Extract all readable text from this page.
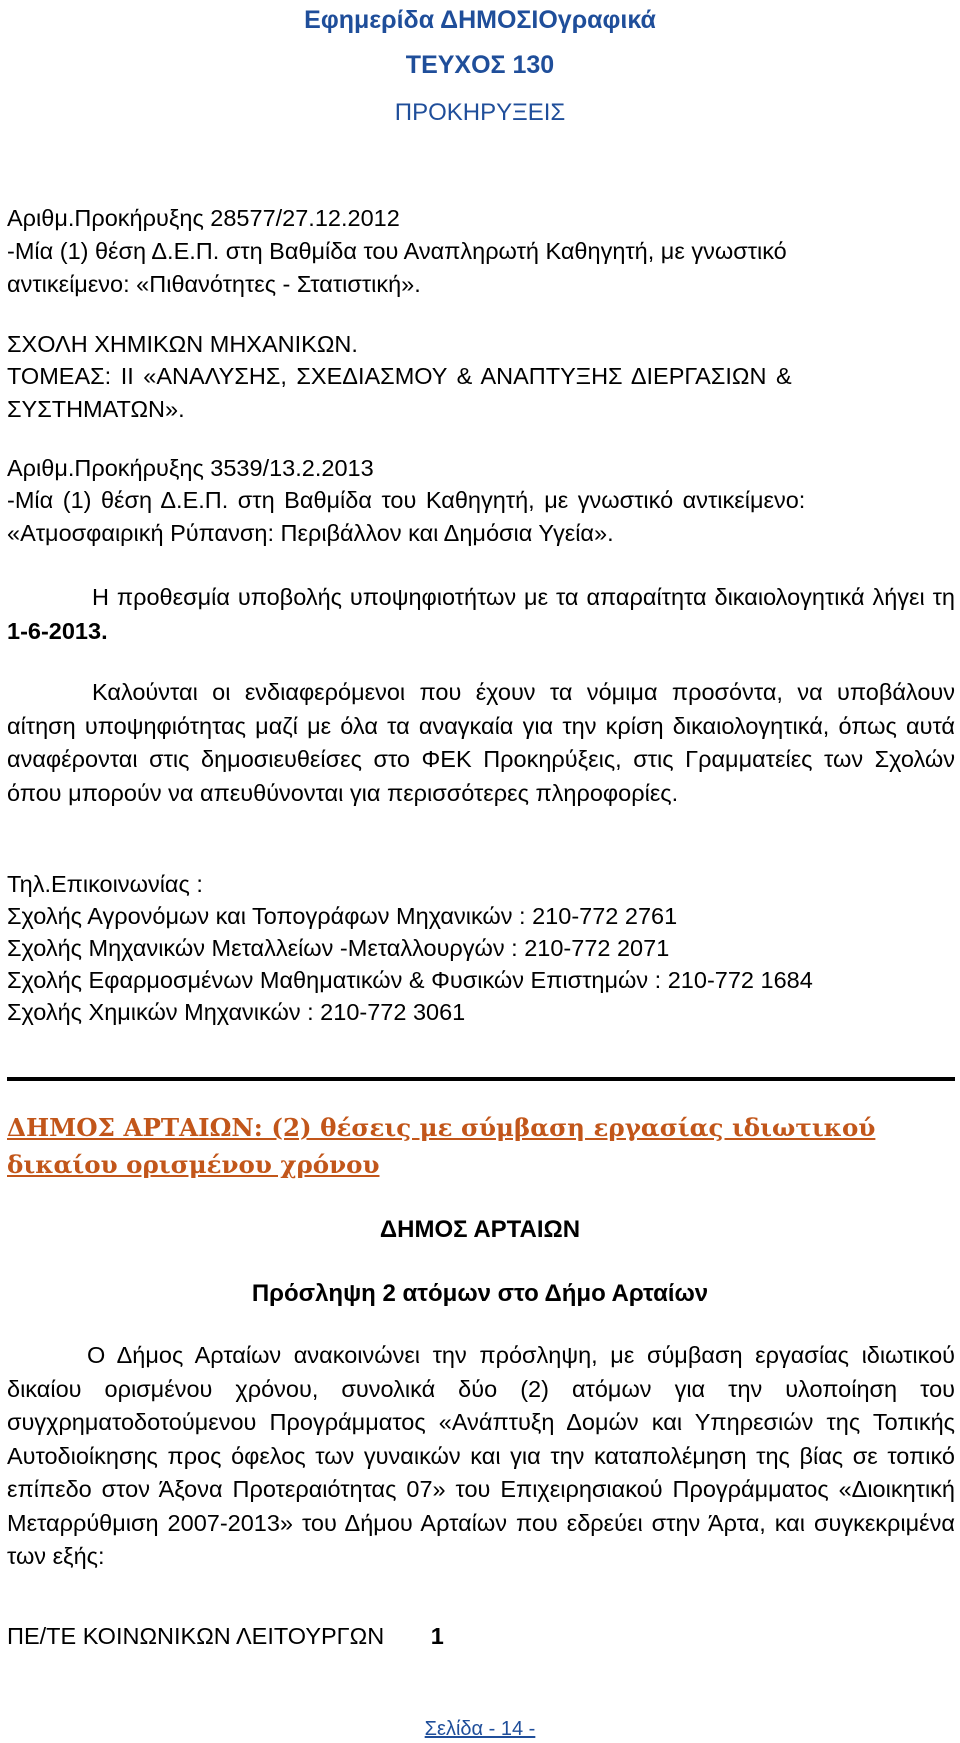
Εφημερίδα ΔΗΜΟΣΙΟγραφικά
ΤΕΥΧΟΣ 130
ΠΡΟΚΗΡΥΞΕΙΣ
Αριθμ.Προκήρυξης 28577/27.12.2012
-Μία (1) θέση Δ.Ε.Π. στη Βαθμίδα του Αναπληρωτή Καθηγητή, με γνωστικό
αντικείμενο: «Πιθανότητες - Στατιστική».
ΣΧΟΛΗ ΧΗΜΙΚΩΝ ΜΗΧΑΝΙΚΩΝ.
ΤΟΜΕΑΣ: ΙΙ «ΑΝΑΛΥΣΗΣ, ΣΧΕΔΙΑΣΜΟΥ & ΑΝΑΠΤΥΞΗΣ ΔΙΕΡΓΑΣΙΩΝ &
ΣΥΣΤΗΜΑΤΩΝ».
Αριθμ.Προκήρυξης 3539/13.2.2013
-Μία (1) θέση Δ.Ε.Π. στη Βαθμίδα του Καθηγητή, με γνωστικό αντικείμενο:
«Ατμοσφαιρική Ρύπανση: Περιβάλλον και Δημόσια Υγεία».
Η προθεσμία υποβολής υποψηφιοτήτων με τα απαραίτητα δικαιολογητικά λήγει τη 1-6-2013.
Καλούνται οι ενδιαφερόμενοι που έχουν τα νόμιμα προσόντα, να υποβάλουν αίτηση υποψηφιότητας μαζί με όλα τα αναγκαία για την κρίση δικαιολογητικά, όπως αυτά αναφέρονται στις δημοσιευθείσες στο ΦΕΚ Προκηρύξεις, στις Γραμματείες των Σχολών όπου μπορούν να απευθύνονται για περισσότερες πληροφορίες.
Τηλ.Επικοινωνίας :
Σχολής Αγρονόμων και Τοπογράφων Μηχανικών : 210-772 2761
Σχολής Μηχανικών Μεταλλείων -Μεταλλουργών : 210-772 2071
Σχολής Εφαρμοσμένων Μαθηματικών & Φυσικών Επιστημών : 210-772 1684
Σχολής Χημικών Μηχανικών : 210-772 3061
ΔΗΜΟΣ ΑΡΤΑΙΩΝ: (2) θέσεις με σύμβαση εργασίας ιδιωτικού
δικαίου ορισμένου χρόνου
ΔΗΜΟΣ ΑΡΤΑΙΩΝ
Πρόσληψη 2 ατόμων στο Δήμο Αρταίων
Ο Δήμος Αρταίων ανακοινώνει την πρόσληψη, με σύμβαση εργασίας ιδιωτικού δικαίου ορισμένου χρόνου, συνολικά δύο (2) ατόμων για την υλοποίηση του συγχρηματοδοτούμενου Προγράμματος «Ανάπτυξη Δομών και Υπηρεσιών της Τοπικής Αυτοδιοίκησης προς όφελος των γυναικών και για την καταπολέμηση της βίας σε τοπικό επίπεδο στον Άξονα Προτεραιότητας 07» του Επιχειρησιακού Προγράμματος «Διοικητική Μεταρρύθμιση 2007-2013» του Δήμου Αρταίων που εδρεύει στην Άρτα, και συγκεκριμένα των εξής:
ΠΕ/ΤΕ ΚΟΙΝΩΝΙΚΩΝ ΛΕΙΤΟΥΡΓΩΝ 1
Σελίδα - 14 -
